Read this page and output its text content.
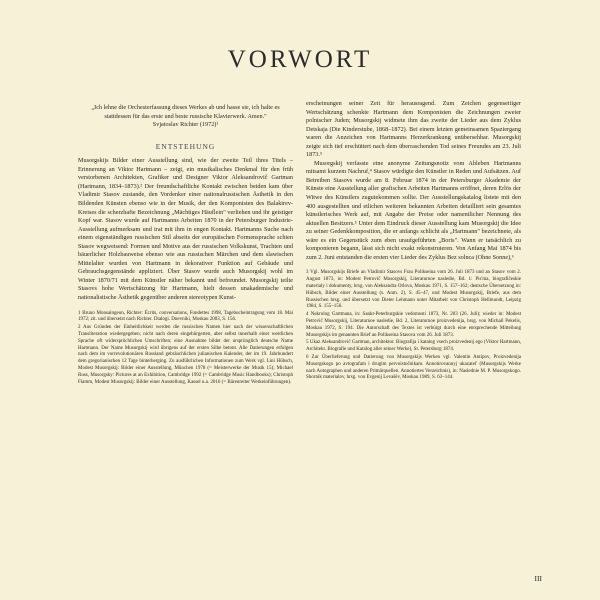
VORWORT
„Ich lehne die Orchesterfassung dieses Werkes ab und hasse sie, ich halte es stattdessen für das erste und beste russische Klavierwerk. Amen."
Svjatoslav Richter (1972)¹
ENTSTEHUNG

Musorgskijs Bilder einer Ausstellung sind, wie der zweite Teil ihres Titels – Erinnerung an Viktor Hartmann – zeigt, ein musikalisches Denkmal für den früh verstorbenen Architekten, Grafiker und Designer Viktor Aleksandrovič Gartman (Hartmann, 1834–1873).² Der freundschaftliche Kontakt zwischen beiden kam über Vladimir Stasov zustande, den Vordenker einer nationalrussischen Ästhetik in den Bildenden Künsten ebenso wie in der Musik, der den Komponisten des Balakirev-Kreises die scherzhafte Bezeichnung „Mächtiges Häuflein" verliehen und ihr geistiger Kopf war. Stasov wurde auf Hartmanns Arbeiten 1870 in der Petersburger Industrie-Ausstellung aufmerksam und trat mit ihm in engen Kontakt. Hartmanns Suche nach einem eigenständigen russischen Stil abseits der europäischen Formensprache schien Stasov wegweisend: Formen und Motive aus der russischen Volkskunst, Trachten und bäuerlicher Holzbauweise ebenso wie aus russischen Märchen und dem slawischen Mittelalter wurden von Hartmann in dekorativer Funktion auf Gebäude und Gebrauchsgegenstände appliziert. Über Stasov wurde auch Musorgskij wohl im Winter 1870/71 mit dem Künstler näher bekannt und befreundet. Musorgskij teilte Stasovs hohe Wertschätzung für Hartmann, hielt dessen unakademische und nationalistische Ästhetik gegenüber anderen stereotypen Kunst-

1 Bruno Monsaingeon, Richter: Écrits, conversations, Fondettes 1998, Tagebucheintragung vom 18. Mai 1972; zit. und übersetzt nach Richter. Dialogi. Dnevniki, Moskau 2003, S. 156.

2 Aus Gründen der Einheitlichkeit werden die russischen Namen hier nach der wissenschaftlichen Transliteration wiedergegeben; nicht nach deren eingebürgerten, aber selbst innerhalb einer westlichen Sprache oft widersprüchlichen Umschriften; eine Ausnahme bildet der ursprünglich deutsche Name Hartmann. Der Name Musorgskij wird übrigens auf der ersten Silbe betont. Alle Datierungen erfolgen nach dem im vorrevolutionären Russland gebräuchlichen julianischen Kalender, der im 19. Jahrhundert dem gregorianischen 12 Tage hinterherging. Zu ausführlichen Informationen zum Werk vgl. Lini Hübsch, Modest Musorgskij: Bilder einer Ausstellung, München 1978 (= Meisterwerke der Musik 15); Michael Russ, Musorgsky: Pictures at an Exhibition, Cambridge 1992 (= Cambridge Music Handbooks); Christoph Flamm, Modest Musorgskij: Bilder einer Ausstellung, Kassel u.a. 2016 (= Bärenreiter Werkeinführungen).

erscheinungen seiner Zeit für herausragend. Zum Zeichen gegenseitiger Wertschätzung schenkte Hartmann dem Komponisten die Zeichnungen zweier polnischer Juden; Musorgskij widmete ihm das zweite der Lieder aus dem Zyklus Detskaja (Die Kinderstube, 1868–1872). Bei einem letzten gemeinsamen Spaziergang waren die Anzeichen von Hartmanns Herzerkrankung unübersehbar. Musorgskij zeigte sich tief erschüttert nach dem überraschenden Tod seines Freundes am 23. Juli 1873.³

Musorgskij verfasste eine anonyme Zeitungsnotiz vom Ableben Hartmanns mitsamt kurzem Nachruf,⁴ Stasov würdigte den Künstler in Reden und Aufsätzen. Auf Betreiben Stasovs wurde am 8. Februar 1874 in der Petersburger Akademie der Künste eine Ausstellung aller grafischen Arbeiten Hartmanns eröffnet, deren Erlös der Witwe des Künstlers zugutekommen sollte. Der Ausstellungskatalog listete mit den 400 ausgestellten und etlichen weiteren bekannten Arbeiten detailliert sein gesamtes künstlerisches Werk auf, mit Angabe der Preise oder namentlicher Nennung des aktuellen Besitzers.⁵ Unter dem Eindruck dieser Ausstellung kam Musorgskij die Idee zu seiner Gedenkkomposition, die er anfangs schlicht als „Hartmann" bezeichnete, als wäre es ein Gegenstück zum eben uraufgeführten „Boris". Wann er tatsächlich zu komponieren begann, lässt sich nicht exakt rekonstruieren. Von Anfang Mai 1874 bis zum 2. Juni entstanden die ersten vier Lieder des Zyklus Bez solnca (Ohne Sonne),⁶

3 Vgl. Musorgskijs Briefe an Vladimir Stasovs Frau Polikseina vom 26. Juli 1873 und an Stasov vom 2. August 1873, in: Modest Petrovič Musorgskij, Literaturnoe nasledie, Bd. 1: Pis'ma, biografičeskie materialy i dokumenty, hrsg. von Aleksandra Orlova, Moskau 1971, S. 157–162; deutsche Übersetzung in: Hübsch, Bilder einer Ausstellung (s. Anm. 2), S. 45–47, und Modest Musorgskij, Briefe, aus dem Russischen hrsg. und übersetzt von Dieter Lehmann unter Mitarbeit von Christoph Hellmundt, Leipzig 1984, S. 155–156.

4 Nekrolog Gartmana, in: Sankt-Peterburgskie vedomosti 1873, Nr. 203 (26. Juli); wieder in: Modest Petrovič Musorgskij, Literaturnoe nasledie, Bd. 2, Literaturnoe proizvedenija, hrsg. von Michail Pekelis, Moskau 1972, S. 194. Die Autorschaft des Textes ist verbürgt durch eine entsprechende Mitteilung Musorgskijs im genannten Brief an Polikseina Stasova vom 26. Juli 1873.

5 Ukaz Aleksandrovič Gartman, architektor. Biografija i katalog vsech proizvedenij ego (Viktor Hartmann, Architekt. Biografie und Katalog aller seiner Werke), St. Petersburg 1874.

6 Zur Überlieferung und Datierung von Musorgskijs Werken vgl. Valentin Antipov, Proizvedenija Musorgskogo po avtografam i drugim pervoistočnikam. Annotirovannyj ukazatel' (Musorgskijs Werke nach Autographen und anderen Primärquellen. Annotiertes Verzeichnis), in: Naslednie M. P. Musorgskogo. Sbornik materialov, hrsg. von Evgenij Levašëv, Moskau 1989, S. 63–144.

III
